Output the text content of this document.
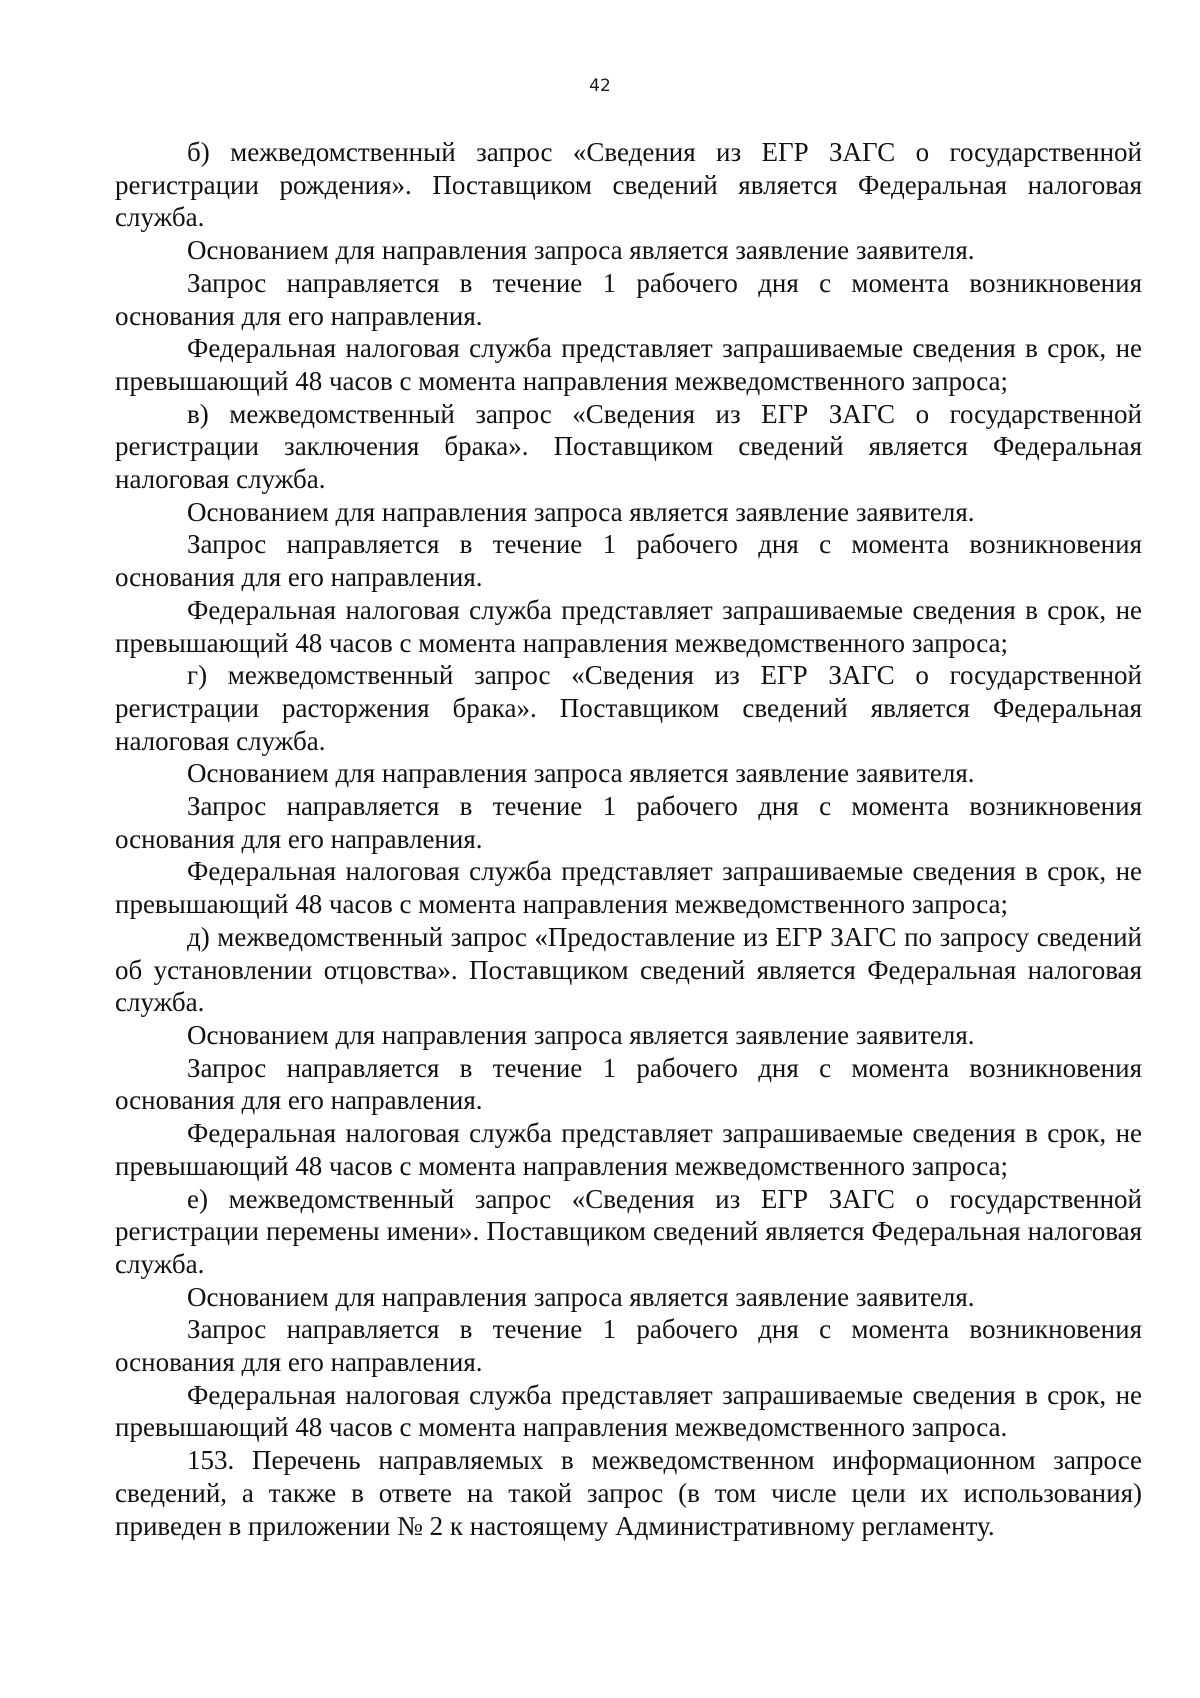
42

б) межведомственный запрос «Сведения из ЕГР ЗАГС о государственной регистрации рождения». Поставщиком сведений является Федеральная налоговая служба.

Основанием для направления запроса является заявление заявителя.

Запрос направляется в течение 1 рабочего дня с момента возникновения основания для его направления.

Федеральная налоговая служба представляет запрашиваемые сведения в срок, не превышающий 48 часов с момента направления межведомственного запроса;

в) межведомственный запрос «Сведения из ЕГР ЗАГС о государственной регистрации заключения брака». Поставщиком сведений является Федеральная налоговая служба.

Основанием для направления запроса является заявление заявителя.

Запрос направляется в течение 1 рабочего дня с момента возникновения основания для его направления.

Федеральная налоговая служба представляет запрашиваемые сведения в срок, не превышающий 48 часов с момента направления межведомственного запроса;

г) межведомственный запрос «Сведения из ЕГР ЗАГС о государственной регистрации расторжения брака». Поставщиком сведений является Федеральная налоговая служба.

Основанием для направления запроса является заявление заявителя.

Запрос направляется в течение 1 рабочего дня с момента возникновения основания для его направления.

Федеральная налоговая служба представляет запрашиваемые сведения в срок, не превышающий 48 часов с момента направления межведомственного запроса;

д) межведомственный запрос «Предоставление из ЕГР ЗАГС по запросу сведений об установлении отцовства». Поставщиком сведений является Федеральная налоговая служба.

Основанием для направления запроса является заявление заявителя.

Запрос направляется в течение 1 рабочего дня с момента возникновения основания для его направления.

Федеральная налоговая служба представляет запрашиваемые сведения в срок, не превышающий 48 часов с момента направления межведомственного запроса;

е) межведомственный запрос «Сведения из ЕГР ЗАГС о государственной регистрации перемены имени». Поставщиком сведений является Федеральная налоговая служба.

Основанием для направления запроса является заявление заявителя.

Запрос направляется в течение 1 рабочего дня с момента возникновения основания для его направления.

Федеральная налоговая служба представляет запрашиваемые сведения в срок, не превышающий 48 часов с момента направления межведомственного запроса.

153. Перечень направляемых в межведомственном информационном запросе сведений, а также в ответе на такой запрос (в том числе цели их использования) приведен в приложении № 2 к настоящему Административному регламенту.
